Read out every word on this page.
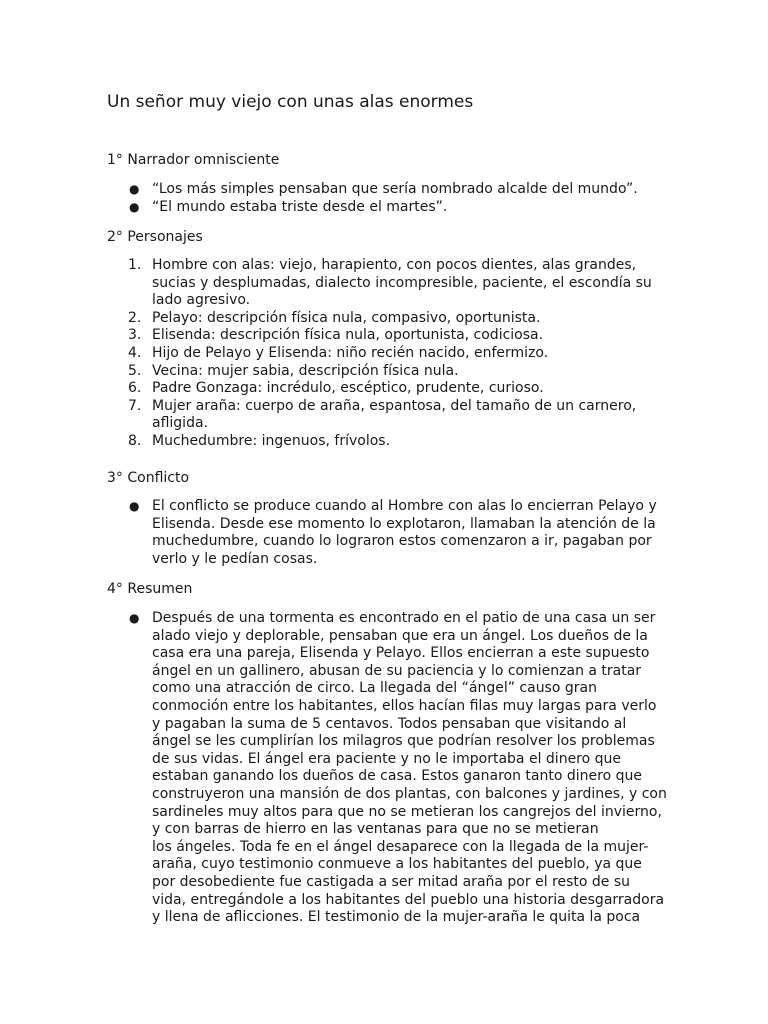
Un señor muy viejo con unas alas enormes
1° Narrador omnisciente
● “Los más simples pensaban que sería nombrado alcalde del mundo”.
● “El mundo estaba triste desde el martes”.
2° Personajes
1. Hombre con alas: viejo, harapiento, con pocos dientes, alas grandes,
sucias y desplumadas, dialecto incompresible, paciente, el escondía su
lado agresivo.
2. Pelayo: descripción física nula, compasivo, oportunista.
3. Elisenda: descripción física nula, oportunista, codiciosa.
4. Hijo de Pelayo y Elisenda: niño recién nacido, enfermizo.
5. Vecina: mujer sabia, descripción física nula.
6. Padre Gonzaga: incrédulo, escéptico, prudente, curioso.
7. Mujer araña: cuerpo de araña, espantosa, del tamaño de un carnero,
afligida.
8. Muchedumbre: ingenuos, frívolos.
3° Conflicto
● El conflicto se produce cuando al Hombre con alas lo encierran Pelayo y
Elisenda. Desde ese momento lo explotaron, llamaban la atención de la
muchedumbre, cuando lo lograron estos comenzaron a ir, pagaban por
verlo y le pedían cosas.
4° Resumen
● Después de una tormenta es encontrado en el patio de una casa un ser
alado viejo y deplorable, pensaban que era un ángel. Los dueños de la
casa era una pareja, Elisenda y Pelayo. Ellos encierran a este supuesto
ángel en un gallinero, abusan de su paciencia y lo comienzan a tratar
como una atracción de circo. La llegada del “ángel” causo gran
conmoción entre los habitantes, ellos hacían filas muy largas para verlo
y pagaban la suma de 5 centavos. Todos pensaban que visitando al
ángel se les cumplirían los milagros que podrían resolver los problemas
de sus vidas. El ángel era paciente y no le importaba el dinero que
estaban ganando los dueños de casa. Estos ganaron tanto dinero que
construyeron una mansión de dos plantas, con balcones y jardines, y con
sardineles muy altos para que no se metieran los cangrejos del invierno,
y con barras de hierro en las ventanas para que no se metieran
los ángeles. Toda fe en el ángel desaparece con la llegada de la mujer-
araña, cuyo testimonio conmueve a los habitantes del pueblo, ya que
por desobediente fue castigada a ser mitad araña por el resto de su
vida, entregándole a los habitantes del pueblo una historia desgarradora
y llena de aflicciones. El testimonio de la mujer-araña le quita la poca
